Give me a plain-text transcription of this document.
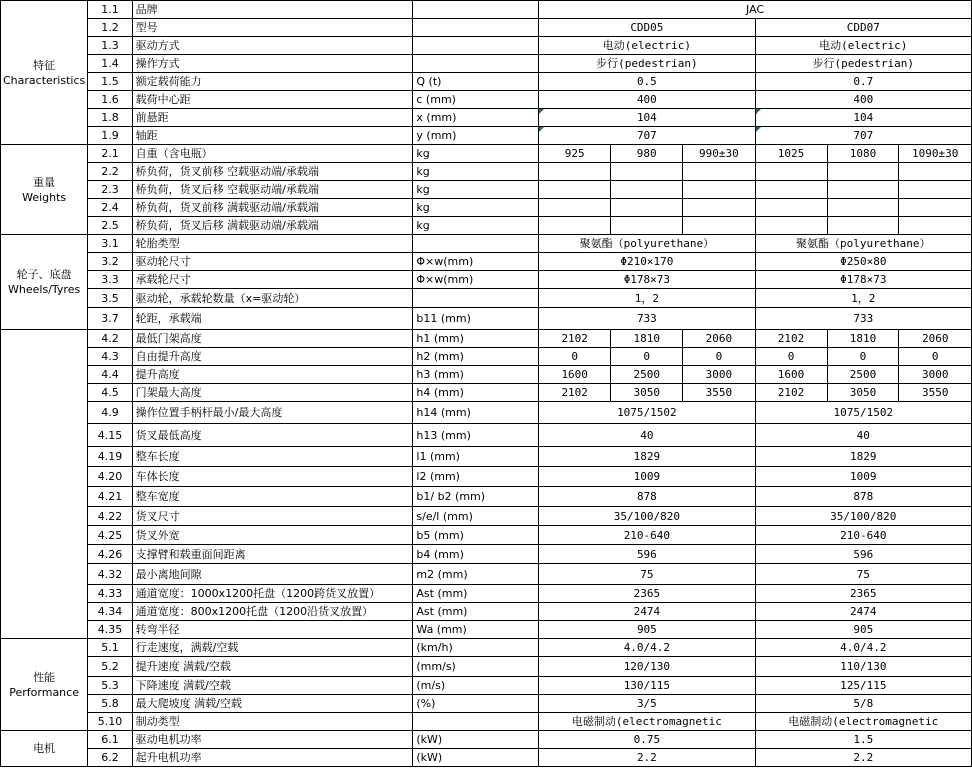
特征
Characteristics	1.1	品牌		JAC					
	1.2	型号		CDD05			CDD07		
	1.3	驱动方式		电动(electric)			电动(electric)		
	1.4	操作方式		步行(pedestrian)			步行(pedestrian)		
	1.5	额定载荷能力	Q (t)	0.5			0.7		
	1.6	载荷中心距	c (mm)	400			400		
	1.8	前悬距	x (mm)	104			104		
	1.9	轴距	y (mm)	707			707		
重量
Weights	2.1	自重（含电瓶）	kg	925	980	990±30	1025	1080	1090±30
	2.2	桥负荷，货叉前移 空载驱动端/承载端	kg						
	2.3	桥负荷，货叉后移 空载驱动端/承载端	kg						
	2.4	桥负荷，货叉前移 满载驱动端/承载端	kg						
	2.5	桥负荷，货叉后移 满载驱动端/承载端	kg						
轮子、底盘
Wheels/Tyres	3.1	轮胎类型		聚氨酯（polyurethane）			聚氨酯（polyurethane）		
	3.2	驱动轮尺寸	Φ×w(mm)	Φ210×170			Φ250×80		
	3.3	承载轮尺寸	Φ×w(mm)	Φ178×73			Φ178×73		
	3.5	驱动轮，承载轮数量（x=驱动轮）		1，2			1，2		
	3.7	轮距，承载端	b11 (mm)	733			733		
	4.2	最低门架高度	h1 (mm)	2102	1810	2060	2102	1810	2060
	4.3	自由提升高度	h2 (mm)	0	0	0	0	0	0
	4.4	提升高度	h3 (mm)	1600	2500	3000	1600	2500	3000
	4.5	门架最大高度	h4 (mm)	2102	3050	3550	2102	3050	3550
	4.9	操作位置手柄杆最小/最大高度	h14 (mm)	1075/1502			1075/1502		
	4.15	货叉最低高度	h13 (mm)	40			40		
	4.19	整车长度	l1 (mm)	1829			1829		
	4.20	车体长度	l2 (mm)	1009			1009		
	4.21	整车宽度	b1/ b2 (mm)	878			878		
	4.22	货叉尺寸	s/e/l (mm)	35/100/820			35/100/820		
	4.25	货叉外宽	b5 (mm)	210-640			210-640		
	4.26	支撑臂和载重面间距离	b4 (mm)	596			596		
	4.32	最小离地间隙	m2 (mm)	75			75		
	4.33	通道宽度：1000x1200托盘（1200跨货叉放置）	Ast (mm)	2365			2365		
	4.34	通道宽度：800x1200托盘（1200沿货叉放置）	Ast (mm)	2474			2474		
	4.35	转弯半径	Wa (mm)	905			905		
性能
Performance	5.1	行走速度，满载/空载	(km/h)	4.0/4.2			4.0/4.2		
	5.2	提升速度 满载/空载	(mm/s)	120/130			110/130		
	5.3	下降速度 满载/空载	(m/s)	130/115			125/115		
	5.8	最大爬坡度 满载/空载	(%)	3/5			5/8		
	5.10	制动类型		电磁制动(electromagnetic			电磁制动(electromagnetic		
电机	6.1	驱动电机功率	(kW)	0.75			1.5		
	6.2	起升电机功率	(kW)	2.2			2.2		
